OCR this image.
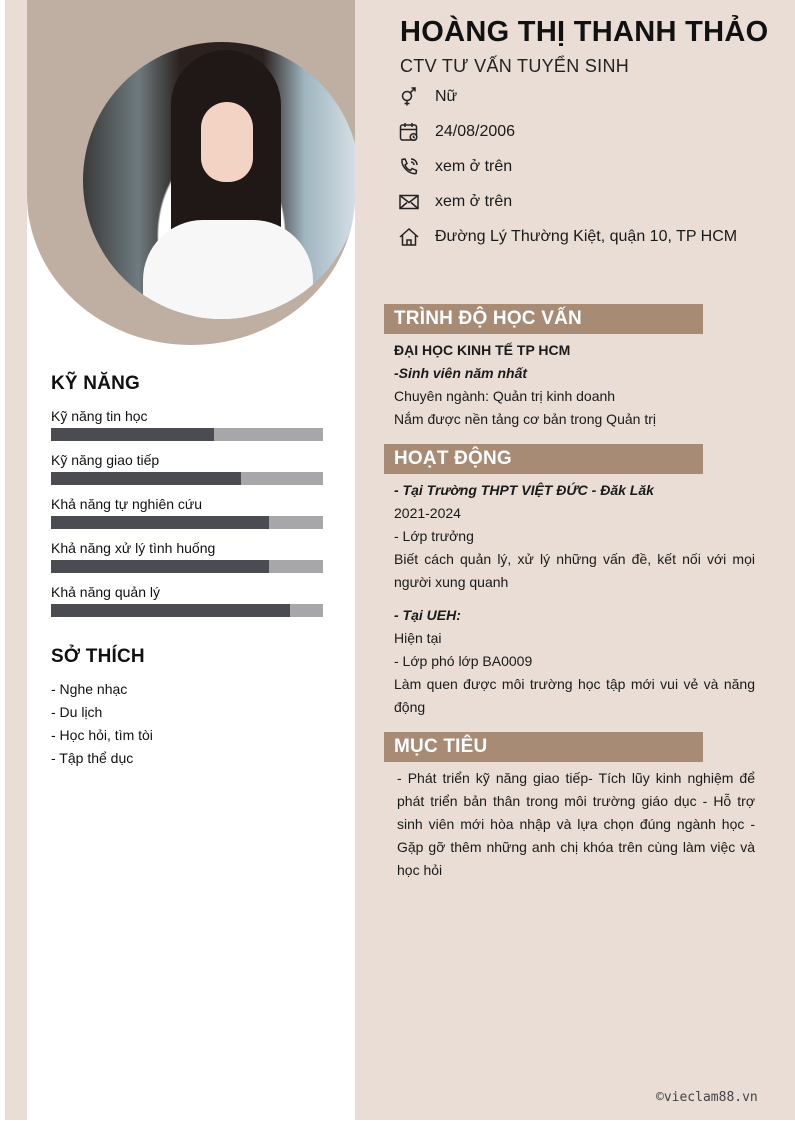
KỸ NĂNG
Kỹ năng tin học
Kỹ năng giao tiếp
Khả năng tự nghiên cứu
Khả năng xử lý tình huống
Khả năng quản lý
SỞ THÍCH
- Nghe nhạc
- Du lịch
- Học hỏi, tìm tòi
- Tập thể dục
HOÀNG THỊ THANH THẢO
CTV TƯ VẤN TUYỂN SINH
Nữ
24/08/2006
xem ở trên
xem ở trên
Đường Lý Thường Kiệt, quận 10, TP HCM
TRÌNH ĐỘ HỌC VẤN
ĐẠI HỌC KINH TẾ TP HCM
-Sinh viên năm nhất
Chuyên ngành: Quản trị kinh doanh
Nắm được nền tảng cơ bản trong Quản trị
HOẠT ĐỘNG
- Tại Trường THPT VIỆT ĐỨC - Đăk Lăk
2021-2024
- Lớp trưởng
Biết cách quản lý, xử lý những vấn đề, kết nối với mọi người xung quanh
- Tại UEH:
Hiện tại
- Lớp phó lớp BA0009
Làm quen được môi trường học tập mới vui vẻ và năng động
MỤC TIÊU
- Phát triển kỹ năng giao tiếp- Tích lũy kinh nghiệm để phát triển bản thân trong môi trường giáo dục - Hỗ trợ sinh viên mới hòa nhập và lựa chọn đúng ngành học - Gặp gỡ thêm những anh chị khóa trên cùng làm việc và học hỏi
©vieclam88.vn
